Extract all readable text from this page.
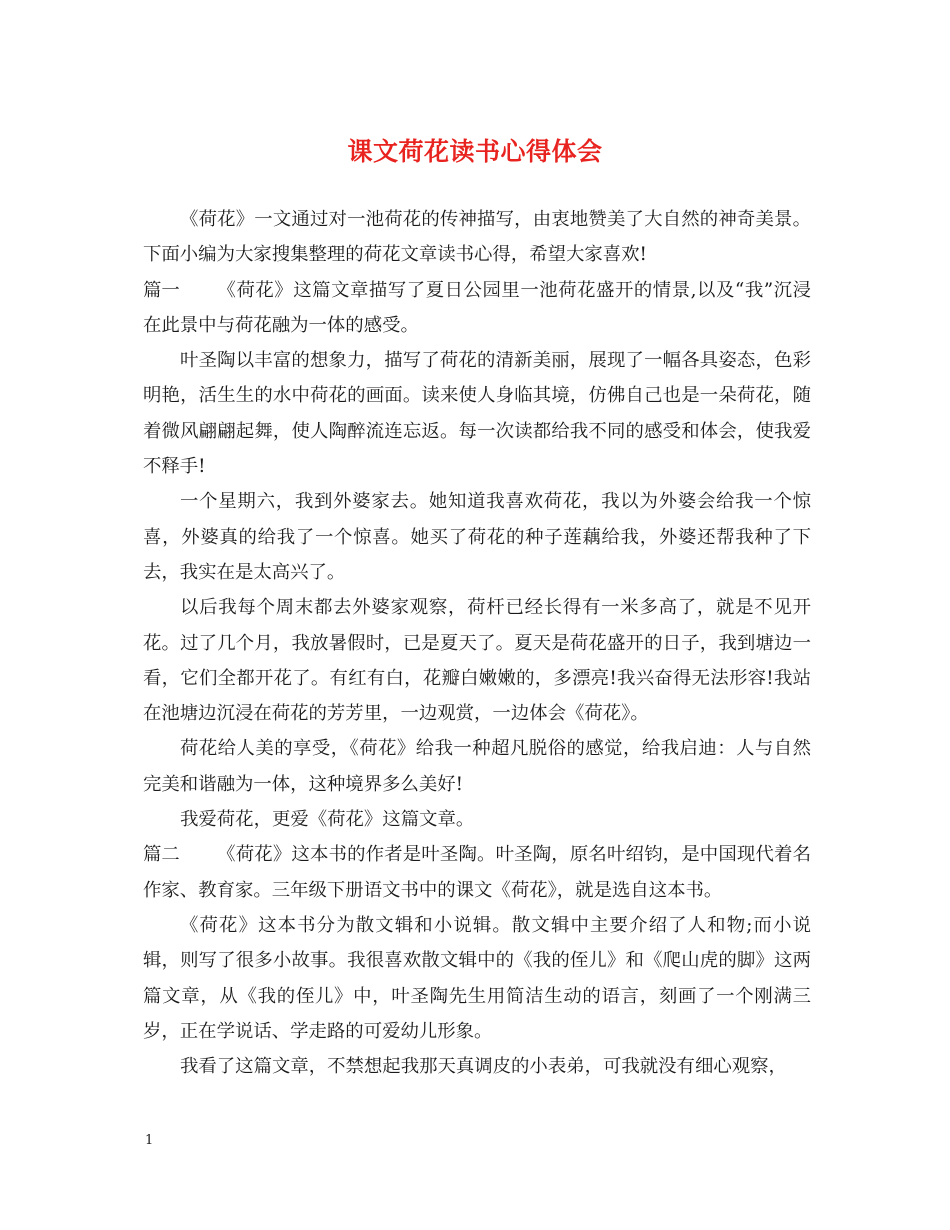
课文荷花读书心得体会

《荷花》一文通过对一池荷花的传神描写，由衷地赞美了大自然的神奇美景。下面小编为大家搜集整理的荷花文章读书心得，希望大家喜欢!

篇一 《荷花》这篇文章描写了夏日公园里一池荷花盛开的情景,以及“我”沉浸在此景中与荷花融为一体的感受。

叶圣陶以丰富的想象力，描写了荷花的清新美丽，展现了一幅各具姿态，色彩明艳，活生生的水中荷花的画面。读来使人身临其境，仿佛自己也是一朵荷花，随着微风翩翩起舞，使人陶醉流连忘返。每一次读都给我不同的感受和体会，使我爱不释手!

一个星期六，我到外婆家去。她知道我喜欢荷花，我以为外婆会给我一个惊喜，外婆真的给我了一个惊喜。她买了荷花的种子莲藕给我，外婆还帮我种了下去，我实在是太高兴了。

以后我每个周末都去外婆家观察，荷杆已经长得有一米多高了，就是不见开花。过了几个月，我放暑假时，已是夏天了。夏天是荷花盛开的日子，我到塘边一看，它们全都开花了。有红有白，花瓣白嫩嫩的，多漂亮!我兴奋得无法形容!我站在池塘边沉浸在荷花的芳芳里，一边观赏，一边体会《荷花》。

荷花给人美的享受，《荷花》给我一种超凡脱俗的感觉，给我启迪：人与自然完美和谐融为一体，这种境界多么美好!

我爱荷花，更爱《荷花》这篇文章。

篇二 《荷花》这本书的作者是叶圣陶。叶圣陶，原名叶绍钧，是中国现代着名作家、教育家。三年级下册语文书中的课文《荷花》，就是选自这本书。

《荷花》这本书分为散文辑和小说辑。散文辑中主要介绍了人和物;而小说辑，则写了很多小故事。我很喜欢散文辑中的《我的侄儿》和《爬山虎的脚》这两篇文章，从《我的侄儿》中，叶圣陶先生用简洁生动的语言，刻画了一个刚满三岁，正在学说话、学走路的可爱幼儿形象。

我看了这篇文章，不禁想起我那天真调皮的小表弟，可我就没有细心观察，

1
